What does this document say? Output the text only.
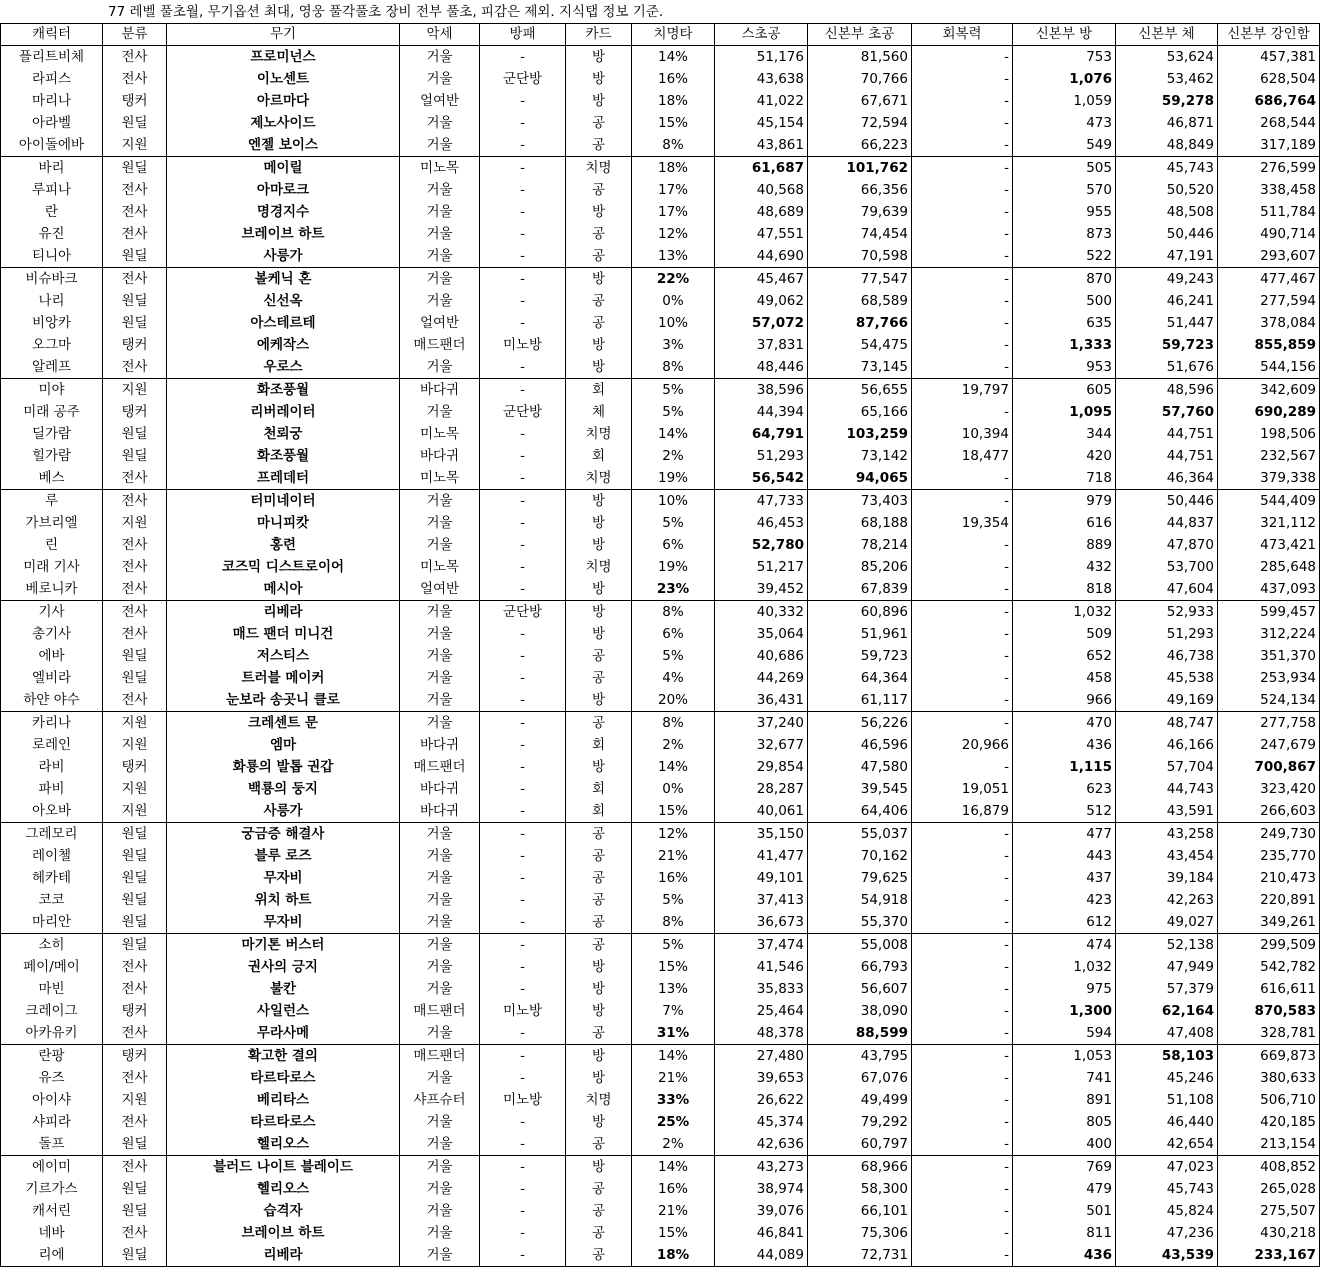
77 레벨 풀초월, 무기옵션 최대, 영웅 풀각풀초 장비 전부 풀초, 피감은 제외. 지식탭 정보 기준.
캐릭터	분류	무기	악세	방패	카드	치명타	스초공	신본부 초공	회복력	신본부 방	신본부 체	신본부 강인함
플리트비체	전사	프로미넌스	거울	-	방	14%	51,176	81,560	-	753	53,624	457,381
라피스	전사	이노센트	거울	군단방	방	16%	43,638	70,766	-	1,076	53,462	628,504
마리나	탱커	아르마다	얼여반	-	방	18%	41,022	67,671	-	1,059	59,278	686,764
아라벨	원딜	제노사이드	거울	-	공	15%	45,154	72,594	-	473	46,871	268,544
아이돌에바	지원	엔젤 보이스	거울	-	공	8%	43,861	66,223	-	549	48,849	317,189
바리	원딜	메이릴	미노목	-	치명	18%	61,687	101,762	-	505	45,743	276,599
루피나	전사	아마로크	거울	-	공	17%	40,568	66,356	-	570	50,520	338,458
란	전사	명경지수	거울	-	방	17%	48,689	79,639	-	955	48,508	511,784
유진	전사	브레이브 하트	거울	-	공	12%	47,551	74,454	-	873	50,446	490,714
티니아	원딜	사릉가	거울	-	공	13%	44,690	70,598	-	522	47,191	293,607
비슈바크	전사	볼케닉 혼	거울	-	방	22%	45,467	77,547	-	870	49,243	477,467
나리	원딜	신선옥	거울	-	공	0%	49,062	68,589	-	500	46,241	277,594
비앙카	원딜	아스테르테	얼여반	-	공	10%	57,072	87,766	-	635	51,447	378,084
오그마	탱커	에케작스	매드팬더	미노방	방	3%	37,831	54,475	-	1,333	59,723	855,859
알레프	전사	우로스	거울	-	방	8%	48,446	73,145	-	953	51,676	544,156
미야	지원	화조풍월	바다귀	-	회	5%	38,596	56,655	19,797	605	48,596	342,609
미래 공주	탱커	리버레이터	거울	군단방	체	5%	44,394	65,166	-	1,095	57,760	690,289
딜가람	원딜	천뢰궁	미노목	-	치명	14%	64,791	103,259	10,394	344	44,751	198,506
힐가람	원딜	화조풍월	바다귀	-	회	2%	51,293	73,142	18,477	420	44,751	232,567
베스	전사	프레데터	미노목	-	치명	19%	56,542	94,065	-	718	46,364	379,338
루	전사	터미네이터	거울	-	방	10%	47,733	73,403	-	979	50,446	544,409
가브리엘	지원	마니피캇	거울	-	방	5%	46,453	68,188	19,354	616	44,837	321,112
린	전사	홍련	거울	-	방	6%	52,780	78,214	-	889	47,870	473,421
미래 기사	전사	코즈믹 디스트로이어	미노목	-	치명	19%	51,217	85,206	-	432	53,700	285,648
베로니카	전사	메시아	얼여반	-	방	23%	39,452	67,839	-	818	47,604	437,093
기사	전사	리베라	거울	군단방	방	8%	40,332	60,896	-	1,032	52,933	599,457
총기사	전사	매드 팬더 미니건	거울	-	방	6%	35,064	51,961	-	509	51,293	312,224
에바	원딜	저스티스	거울	-	공	5%	40,686	59,723	-	652	46,738	351,370
엘비라	원딜	트러블 메이커	거울	-	공	4%	44,269	64,364	-	458	45,538	253,934
하얀 야수	전사	눈보라 송곳니 클로	거울	-	방	20%	36,431	61,117	-	966	49,169	524,134
카리나	지원	크레센트 문	거울	-	공	8%	37,240	56,226	-	470	48,747	277,758
로레인	지원	엠마	바다귀	-	회	2%	32,677	46,596	20,966	436	46,166	247,679
라비	탱커	화룡의 발톱 권갑	매드팬더	-	방	14%	29,854	47,580	-	1,115	57,704	700,867
파비	지원	백룡의 둥지	바다귀	-	회	0%	28,287	39,545	19,051	623	44,743	323,420
아오바	지원	사릉가	바다귀	-	회	15%	40,061	64,406	16,879	512	43,591	266,603
그레모리	원딜	궁금증 해결사	거울	-	공	12%	35,150	55,037	-	477	43,258	249,730
레이첼	원딜	블루 로즈	거울	-	공	21%	41,477	70,162	-	443	43,454	235,770
헤카테	원딜	무자비	거울	-	공	16%	49,101	79,625	-	437	39,184	210,473
코코	원딜	위치 하트	거울	-	공	5%	37,413	54,918	-	423	42,263	220,891
마리안	원딜	무자비	거울	-	공	8%	36,673	55,370	-	612	49,027	349,261
소히	원딜	마기톤 버스터	거울	-	공	5%	37,474	55,008	-	474	52,138	299,509
페이/메이	전사	권사의 긍지	거울	-	방	15%	41,546	66,793	-	1,032	47,949	542,782
마빈	전사	불칸	거울	-	방	13%	35,833	56,607	-	975	57,379	616,611
크레이그	탱커	사일런스	매드팬더	미노방	방	7%	25,464	38,090	-	1,300	62,164	870,583
아카유키	전사	무라사메	거울	-	공	31%	48,378	88,599	-	594	47,408	328,781
란팡	탱커	확고한 결의	매드팬더	-	방	14%	27,480	43,795	-	1,053	58,103	669,873
유즈	전사	타르타로스	거울	-	방	21%	39,653	67,076	-	741	45,246	380,633
아이샤	지원	베리타스	샤프슈터	미노방	치명	33%	26,622	49,499	-	891	51,108	506,710
샤피라	전사	타르타로스	거울	-	방	25%	45,374	79,292	-	805	46,440	420,185
돌프	원딜	헬리오스	거울	-	공	2%	42,636	60,797	-	400	42,654	213,154
에이미	전사	블러드 나이트 블레이드	거울	-	방	14%	43,273	68,966	-	769	47,023	408,852
기르가스	원딜	헬리오스	거울	-	공	16%	38,974	58,300	-	479	45,743	265,028
캐서린	원딜	습격자	거울	-	공	21%	39,076	66,101	-	501	45,824	275,507
네바	전사	브레이브 하트	거울	-	공	15%	46,841	75,306	-	811	47,236	430,218
리에	원딜	리베라	거울	-	공	18%	44,089	72,731	-	436	43,539	233,167
